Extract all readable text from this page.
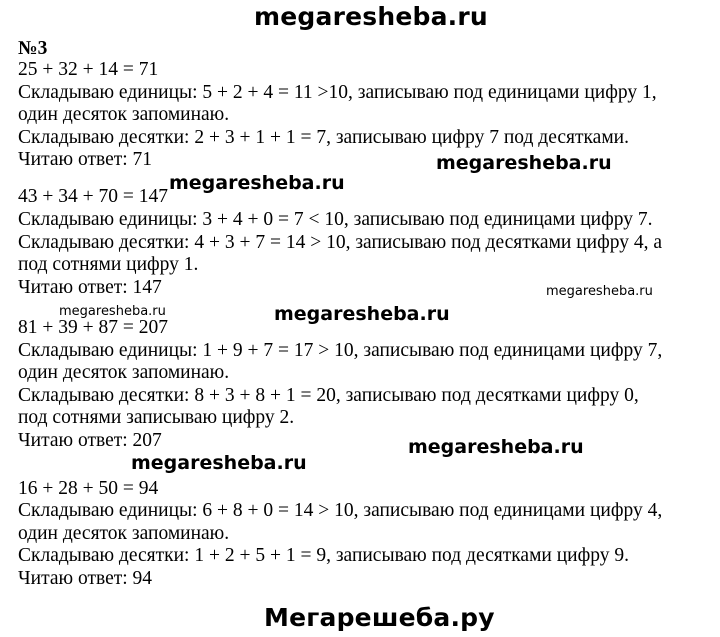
megaresheba.ru
megaresheba.ru
megaresheba.ru
megaresheba.ru
megaresheba.ru	megaresheba.ru
megaresheba.ru
megaresheba.ru
Мегарешеба.ру
№3
25 + 32 + 14 = 71
Складываю единицы: 5 + 2 + 4 = 11 >10, записываю под единицами цифру 1,
один десяток запоминаю.
Складываю десятки: 2 + 3 + 1 + 1 = 7, записываю цифру 7 под десятками.
Читаю ответ: 71
43 + 34 + 70 = 147
Складываю единицы: 3 + 4 + 0 = 7 < 10, записываю под единицами цифру 7.
Складываю десятки: 4 + 3 + 7 = 14 > 10, записываю под десятками цифру 4, а
под сотнями цифру 1.
Читаю ответ: 147
81 + 39 + 87 = 207
Складываю единицы: 1 + 9 + 7 = 17 > 10, записываю под единицами цифру 7,
один десяток запоминаю.
Складываю десятки: 8 + 3 + 8 + 1 = 20, записываю под десятками цифру 0,
под сотнями записываю цифру 2.
Читаю ответ: 207
16 + 28 + 50 = 94
Складываю единицы: 6 + 8 + 0 = 14 > 10, записываю под единицами цифру 4,
один десяток запоминаю.
Складываю десятки: 1 + 2 + 5 + 1 = 9, записываю под десятками цифру 9.
Читаю ответ: 94
